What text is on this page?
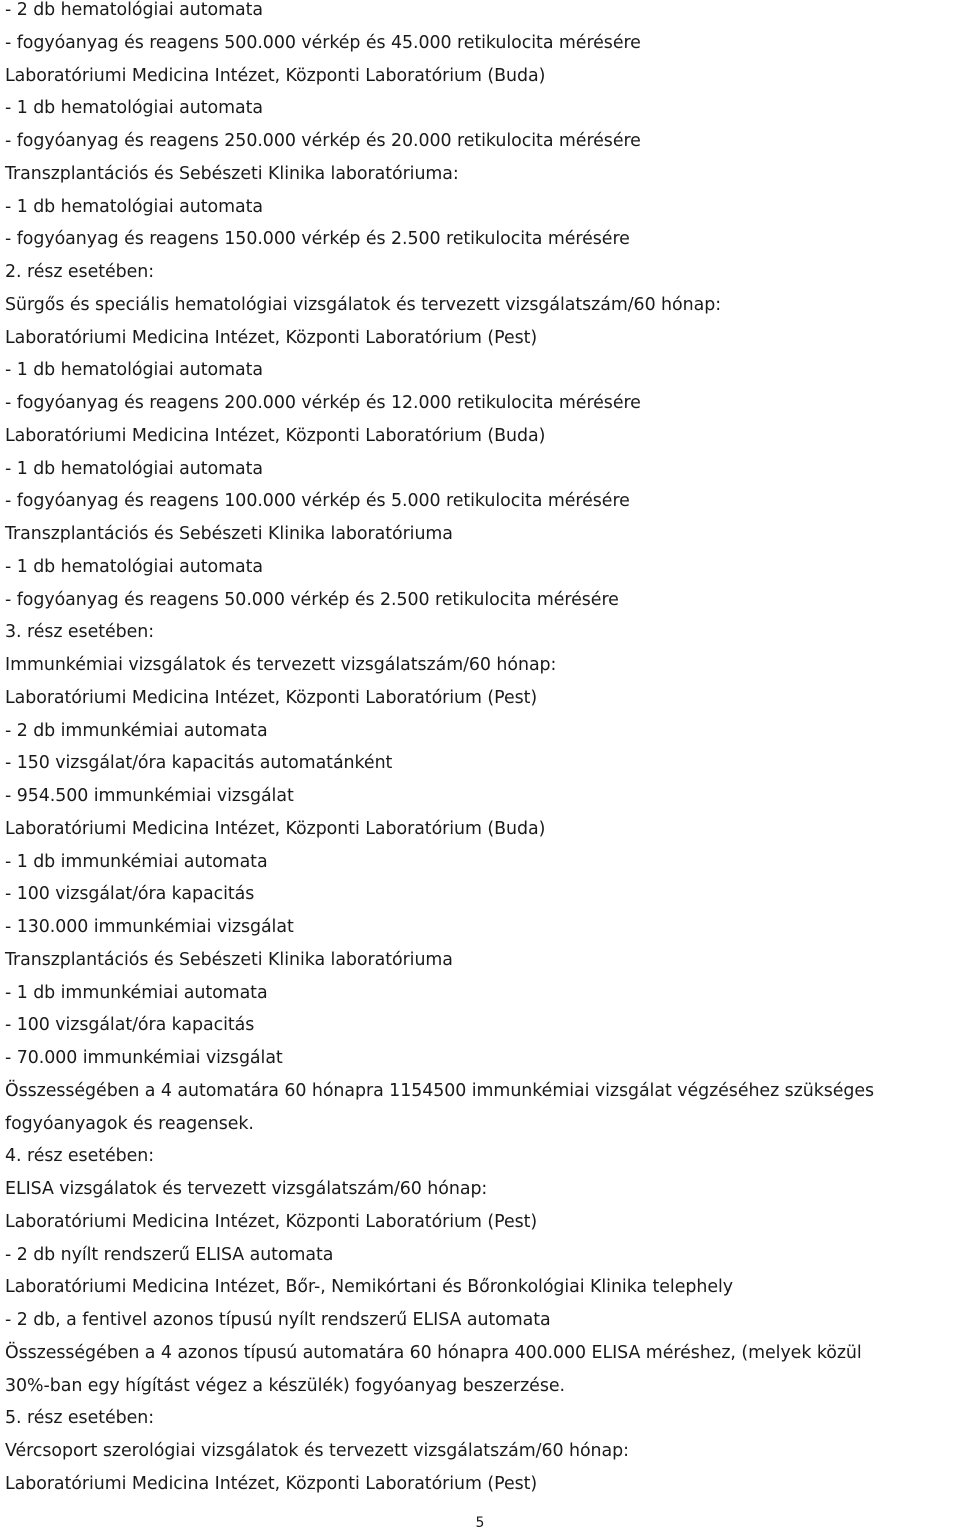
- 2 db hematológiai automata
- fogyóanyag és reagens 500.000 vérkép és 45.000 retikulocita mérésére
Laboratóriumi Medicina Intézet, Központi Laboratórium (Buda)
- 1 db hematológiai automata
- fogyóanyag és reagens 250.000 vérkép és 20.000 retikulocita mérésére
Transzplantációs és Sebészeti Klinika laboratóriuma:
- 1 db hematológiai automata
- fogyóanyag és reagens 150.000 vérkép és 2.500 retikulocita mérésére
2. rész esetében:
Sürgős és speciális hematológiai vizsgálatok és tervezett vizsgálatszám/60 hónap:
Laboratóriumi Medicina Intézet, Központi Laboratórium (Pest)
- 1 db hematológiai automata
- fogyóanyag és reagens 200.000 vérkép és 12.000 retikulocita mérésére
Laboratóriumi Medicina Intézet, Központi Laboratórium (Buda)
- 1 db hematológiai automata
- fogyóanyag és reagens 100.000 vérkép és 5.000 retikulocita mérésére
Transzplantációs és Sebészeti Klinika laboratóriuma
- 1 db hematológiai automata
- fogyóanyag és reagens 50.000 vérkép és 2.500 retikulocita mérésére
3. rész esetében:
Immunkémiai vizsgálatok és tervezett vizsgálatszám/60 hónap:
Laboratóriumi Medicina Intézet, Központi Laboratórium (Pest)
- 2 db immunkémiai automata
- 150 vizsgálat/óra kapacitás automatánként
- 954.500 immunkémiai vizsgálat
Laboratóriumi Medicina Intézet, Központi Laboratórium (Buda)
- 1 db immunkémiai automata
- 100 vizsgálat/óra kapacitás
- 130.000 immunkémiai vizsgálat
Transzplantációs és Sebészeti Klinika laboratóriuma
- 1 db immunkémiai automata
- 100 vizsgálat/óra kapacitás
- 70.000 immunkémiai vizsgálat
Összességében a 4 automatára 60 hónapra 1154500 immunkémiai vizsgálat végzéséhez szükséges
fogyóanyagok és reagensek.
4. rész esetében:
ELISA vizsgálatok és tervezett vizsgálatszám/60 hónap:
Laboratóriumi Medicina Intézet, Központi Laboratórium (Pest)
- 2 db nyílt rendszerű ELISA automata
Laboratóriumi Medicina Intézet, Bőr-, Nemikórtani és Bőronkológiai Klinika telephely
- 2 db, a fentivel azonos típusú nyílt rendszerű ELISA automata
Összességében a 4 azonos típusú automatára 60 hónapra 400.000 ELISA méréshez, (melyek közül
30%-ban egy hígítást végez a készülék) fogyóanyag beszerzése.
5. rész esetében:
Vércsoport szerológiai vizsgálatok és tervezett vizsgálatszám/60 hónap:
Laboratóriumi Medicina Intézet, Központi Laboratórium (Pest)
5
